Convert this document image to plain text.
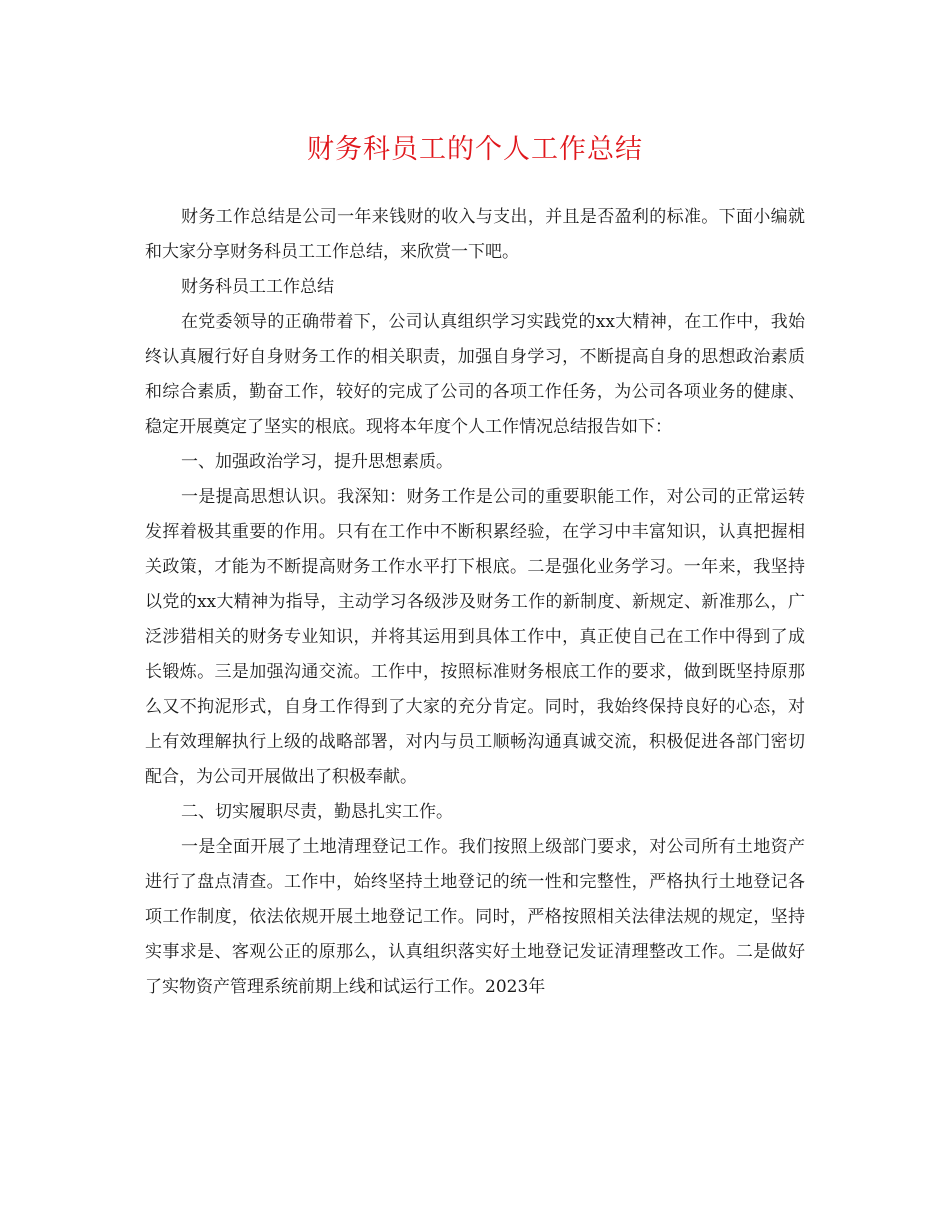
财务科员工的个人工作总结

财务工作总结是公司一年来钱财的收入与支出，并且是否盈利的标准。下面小编就和大家分享财务科员工工作总结，来欣赏一下吧。

财务科员工工作总结

在党委领导的正确带着下，公司认真组织学习实践党的xx大精神，在工作中，我始终认真履行好自身财务工作的相关职责，加强自身学习，不断提高自身的思想政治素质和综合素质，勤奋工作，较好的完成了公司的各项工作任务，为公司各项业务的健康、稳定开展奠定了坚实的根底。现将本年度个人工作情况总结报告如下：

一、加强政治学习，提升思想素质。

一是提高思想认识。我深知：财务工作是公司的重要职能工作，对公司的正常运转发挥着极其重要的作用。只有在工作中不断积累经验，在学习中丰富知识，认真把握相关政策，才能为不断提高财务工作水平打下根底。二是强化业务学习。一年来，我坚持以党的xx大精神为指导，主动学习各级涉及财务工作的新制度、新规定、新准那么，广泛涉猎相关的财务专业知识，并将其运用到具体工作中，真正使自己在工作中得到了成长锻炼。三是加强沟通交流。工作中，按照标准财务根底工作的要求，做到既坚持原那么又不拘泥形式，自身工作得到了大家的充分肯定。同时，我始终保持良好的心态，对上有效理解执行上级的战略部署，对内与员工顺畅沟通真诚交流，积极促进各部门密切配合，为公司开展做出了积极奉献。

二、切实履职尽责，勤恳扎实工作。

一是全面开展了土地清理登记工作。我们按照上级部门要求，对公司所有土地资产进行了盘点清查。工作中，始终坚持土地登记的统一性和完整性，严格执行土地登记各项工作制度，依法依规开展土地登记工作。同时，严格按照相关法律法规的规定，坚持实事求是、客观公正的原那么，认真组织落实好土地登记发证清理整改工作。二是做好了实物资产管理系统前期上线和试运行工作。2023年
